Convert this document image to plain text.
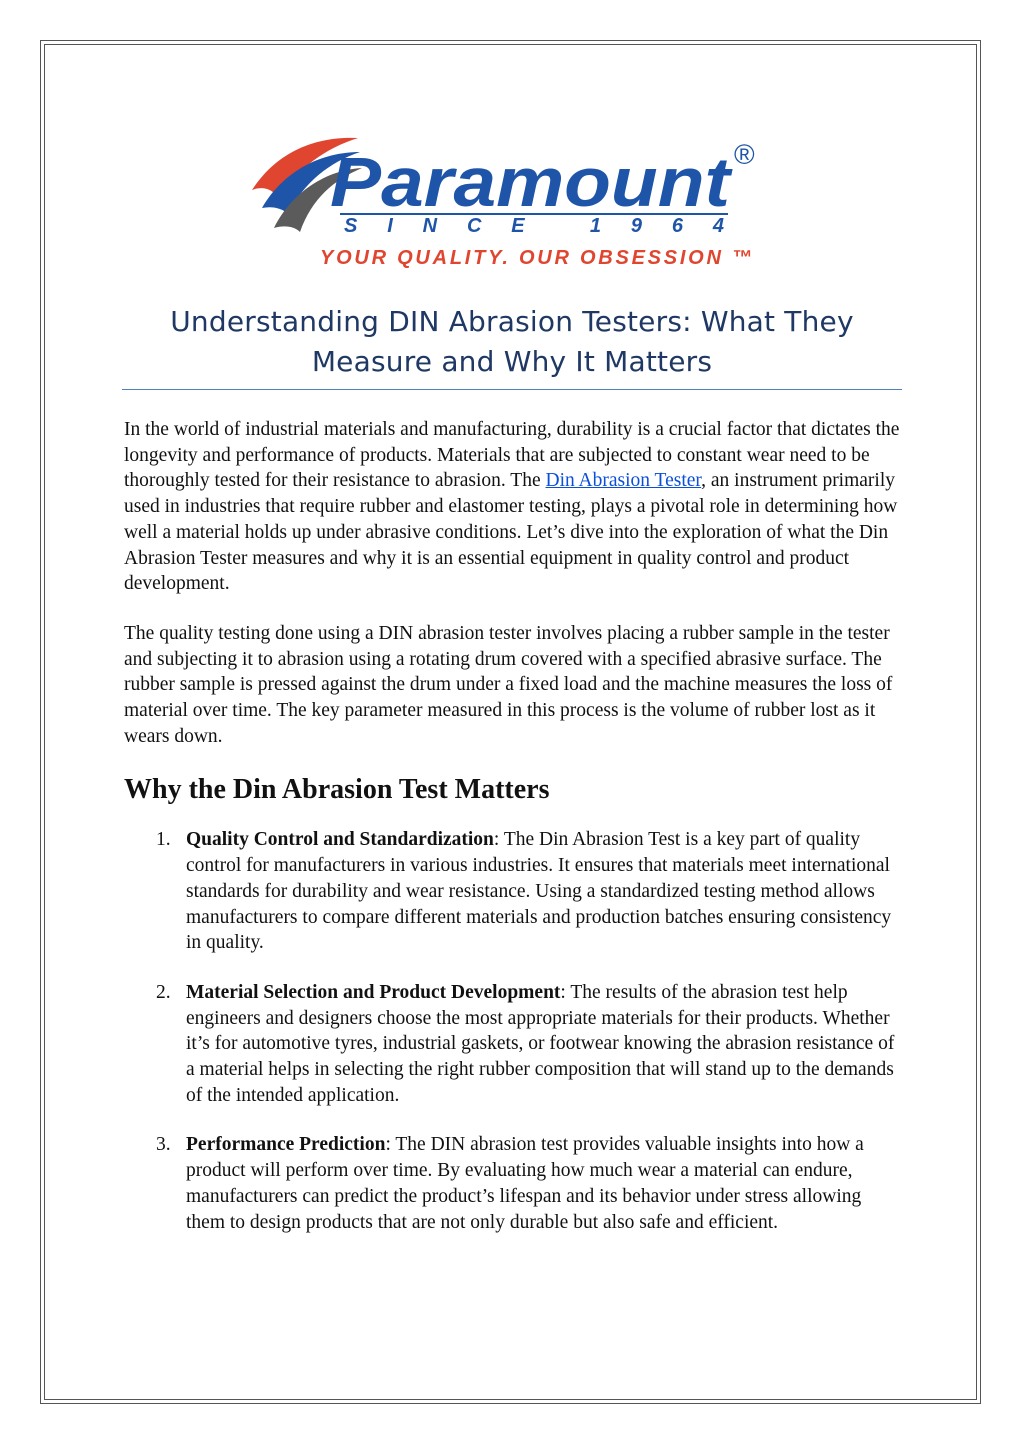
Paramount ®
SINCE 1964
YOUR QUALITY. OUR OBSESSION ™
Understanding DIN Abrasion Testers: What They Measure and Why It Matters

In the world of industrial materials and manufacturing, durability is a crucial factor that dictates the longevity and performance of products. Materials that are subjected to constant wear need to be thoroughly tested for their resistance to abrasion. The Din Abrasion Tester, an instrument primarily used in industries that require rubber and elastomer testing, plays a pivotal role in determining how well a material holds up under abrasive conditions. Let’s dive into the exploration of what the Din Abrasion Tester measures and why it is an essential equipment in quality control and product development.

The quality testing done using a DIN abrasion tester involves placing a rubber sample in the tester and subjecting it to abrasion using a rotating drum covered with a specified abrasive surface. The rubber sample is pressed against the drum under a fixed load and the machine measures the loss of material over time. The key parameter measured in this process is the volume of rubber lost as it wears down.

Why the Din Abrasion Test Matters
1. Quality Control and Standardization: The Din Abrasion Test is a key part of quality control for manufacturers in various industries. It ensures that materials meet international standards for durability and wear resistance. Using a standardized testing method allows manufacturers to compare different materials and production batches ensuring consistency in quality.
2. Material Selection and Product Development: The results of the abrasion test help engineers and designers choose the most appropriate materials for their products. Whether it’s for automotive tyres, industrial gaskets, or footwear knowing the abrasion resistance of a material helps in selecting the right rubber composition that will stand up to the demands of the intended application.
3. Performance Prediction: The DIN abrasion test provides valuable insights into how a product will perform over time. By evaluating how much wear a material can endure, manufacturers can predict the product’s lifespan and its behavior under stress allowing them to design products that are not only durable but also safe and efficient.
